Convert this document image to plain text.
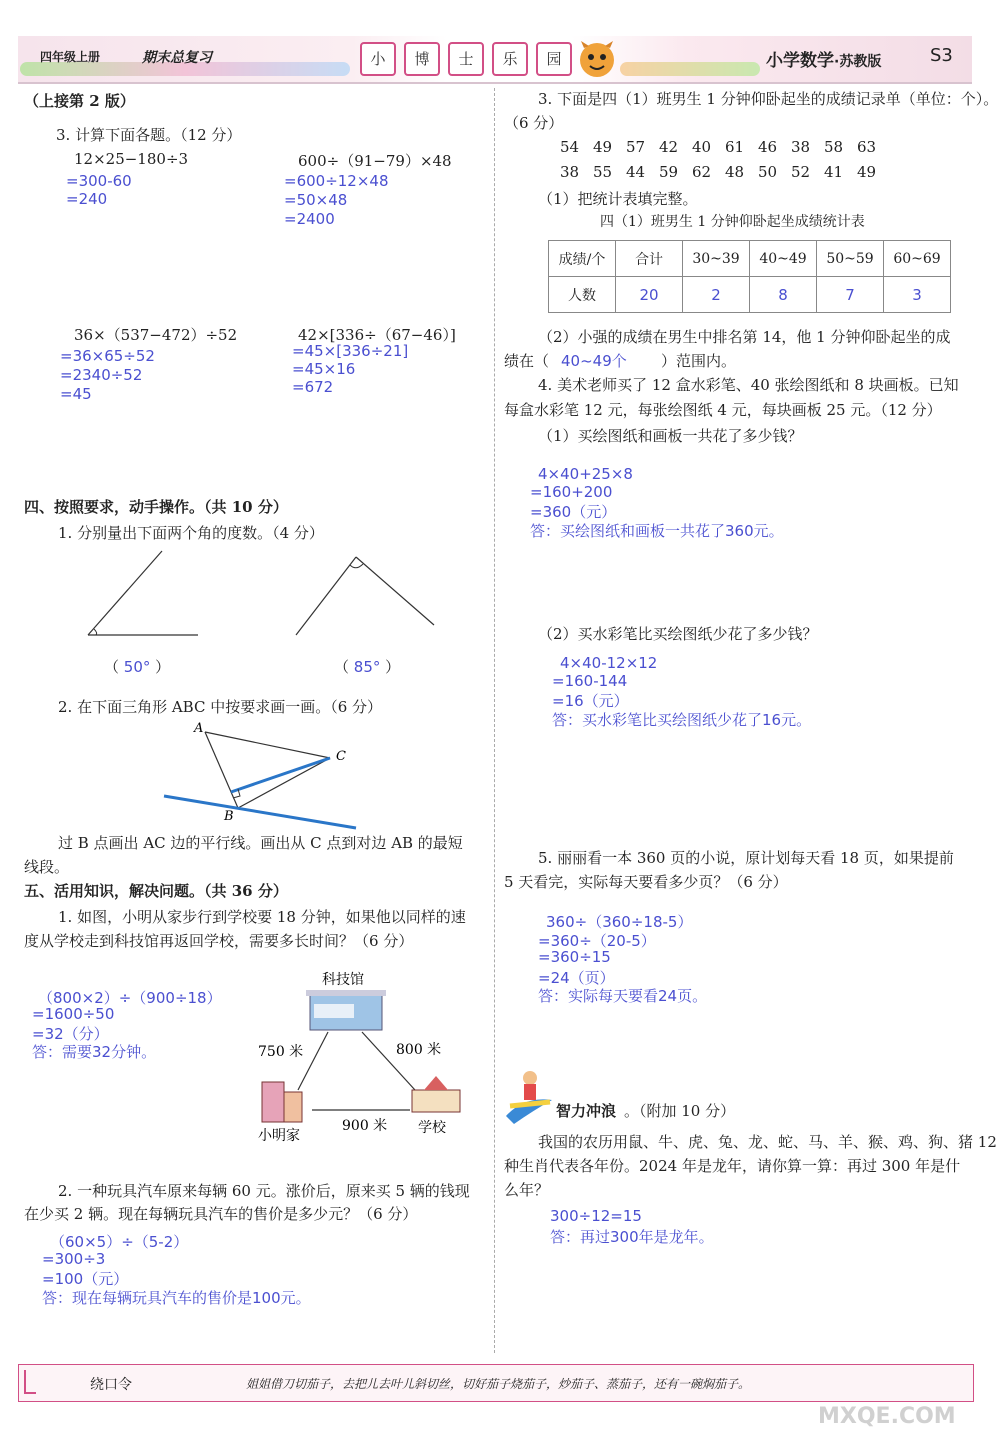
四年级上册	期末总复习	小	博	士	乐	园	小学数学·苏教版	S3
（上接第 2 版）
3. 计算下面各题。（12 分）
12×25−180÷3
=300-60
=240
600÷（91−79）×48
=600÷12×48
=50×48
=2400
36×（537−472）÷52
=36×65÷52
=2340÷52
=45
42×[336÷（67−46）]
=45×[336÷21]
=45×16
=672
四、按照要求，动手操作。（共 10 分）
1. 分别量出下面两个角的度数。（4 分）
（ 50° ）	（ 85° ）
2. 在下面三角形 ABC 中按要求画一画。（6 分）
A
C
B
过 B 点画出 AC 边的平行线。画出从 C 点到对边 AB 的最短
线段。
五、活用知识，解决问题。（共 36 分）
1. 如图，小明从家步行到学校要 18 分钟，如果他以同样的速
度从学校走到科技馆再返回学校，需要多长时间？（6 分）
（800×2）÷（900÷18）
=1600÷50
=32（分）
答：需要32分钟。
科技馆
750 米	800 米
900 米
小明家	学校
2. 一种玩具汽车原来每辆 60 元。涨价后，原来买 5 辆的钱现
在少买 2 辆。现在每辆玩具汽车的售价是多少元？（6 分）
（60×5）÷（5-2）
=300÷3
=100（元）
答：现在每辆玩具汽车的售价是100元。
3. 下面是四（1）班男生 1 分钟仰卧起坐的成绩记录单（单位：个）。
（6 分）
54 49 57 42 40 61 46 38 58 63
38 55 44 59 62 48 50 52 41 49
（1）把统计表填完整。
四（1）班男生 1 分钟仰卧起坐成绩统计表
成绩/个	合计	30~39	40~49	50~59	60~69
人数	20	2	8	7	3
（2）小强的成绩在男生中排名第 14，他 1 分钟仰卧起坐的成
绩在（ 40~49个 ）范围内。
4. 美术老师买了 12 盒水彩笔、40 张绘图纸和 8 块画板。已知
每盒水彩笔 12 元，每张绘图纸 4 元，每块画板 25 元。（12 分）
（1）买绘图纸和画板一共花了多少钱？
4×40+25×8
=160+200
=360（元）
答：买绘图纸和画板一共花了360元。
（2）买水彩笔比买绘图纸少花了多少钱？
4×40-12×12
=160-144
=16（元）
答：买水彩笔比买绘图纸少花了16元。
5. 丽丽看一本 360 页的小说，原计划每天看 18 页，如果提前
5 天看完，实际每天要看多少页？（6 分）
360÷（360÷18-5）
=360÷（20-5）
=360÷15
=24（页）
答：实际每天要看24页。
智力冲浪 。（附加 10 分）
我国的农历用鼠、牛、虎、兔、龙、蛇、马、羊、猴、鸡、狗、猪 12
种生肖代表各年份。2024 年是龙年，请你算一算：再过 300 年是什
么年？
300÷12=15
答：再过300年是龙年。
绕口令	姐姐借刀切茄子，去把儿去叶儿斜切丝，切好茄子烧茄子，炒茄子、蒸茄子，还有一碗焖茄子。
MXQE.COM
